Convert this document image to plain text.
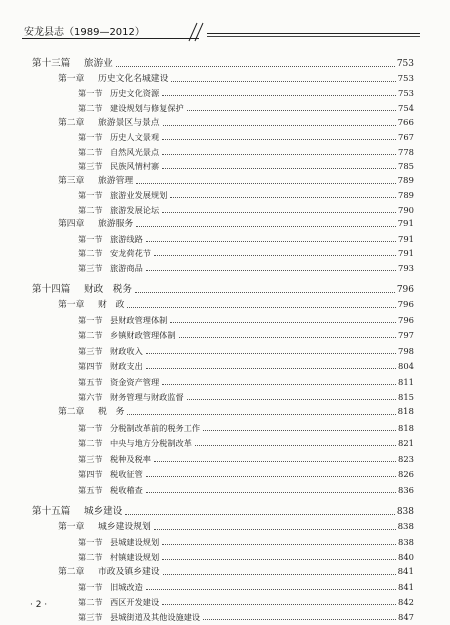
安龙县志（1989—2012）
第十三篇	旅游业	753
第一章	历史文化名城建设	753
第一节 历史文化资源	753
第二节 建设规划与修复保护	754
第二章	旅游景区与景点	766
第一节 历史人文景观	767
第二节 自然风光景点	778
第三节 民族风情村寨	785
第三章	旅游管理	789
第一节 旅游业发展规划	789
第二节 旅游发展论坛	790
第四章	旅游服务	791
第一节 旅游线路	791
第二节 安龙荷花节	791
第三节 旅游商品	793
第十四篇	财政　税务	796
第一章	财　政	796
第一节 县财政管理体制	796
第二节 乡镇财政管理体制	797
第三节 财政收入	798
第四节 财政支出	804
第五节 资金资产管理	811
第六节 财务管理与财政监督	815
第二章	税　务	818
第一节 分税制改革前的税务工作	818
第二节 中央与地方分税制改革	821
第三节 税种及税率	823
第四节 税收征管	826
第五节 税收稽查	836
第十五篇	城乡建设	838
第一章	城乡建设规划	838
第一节 县城建设规划	838
第二节 村镇建设规划	840
第二章	市政及镇乡建设	841
第一节 旧城改造	841
第二节 西区开发建设	842
第三节 县城街道及其他设施建设	847
· 2 ·
